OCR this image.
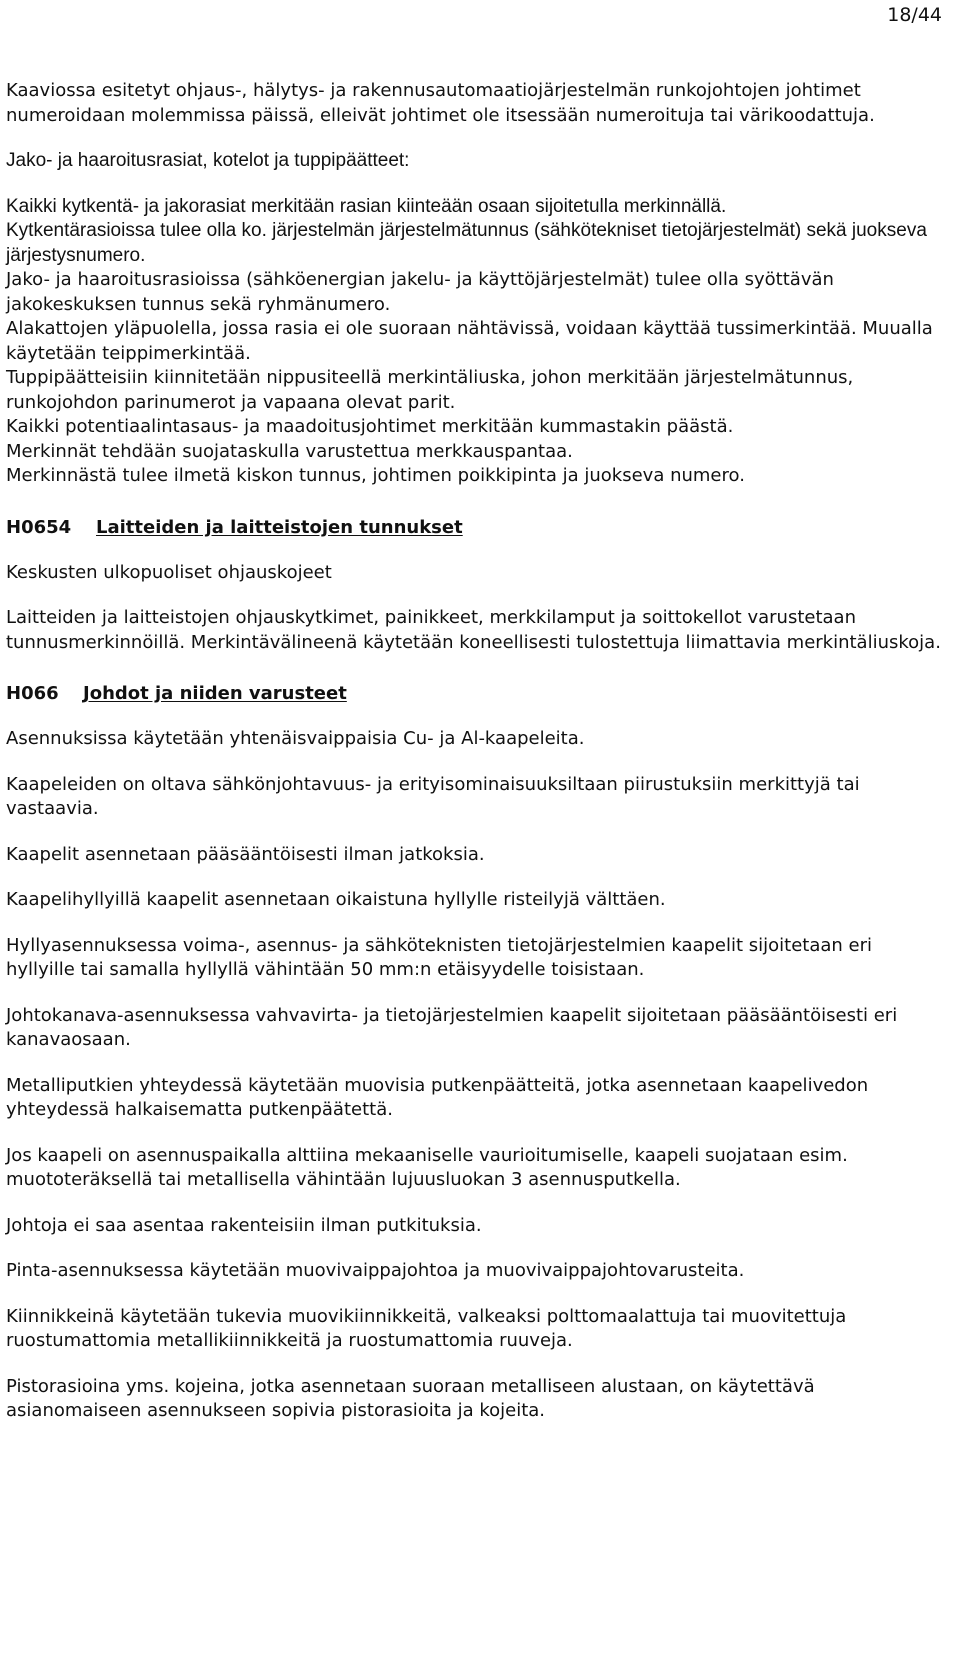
18/44

Kaaviossa esitetyt ohjaus-, hälytys- ja rakennusautomaatiojärjestelmän runkojohtojen johtimet numeroidaan molemmissa päissä, elleivät johtimet ole itsessään numeroituja tai värikoodattuja.

Jako- ja haaroitusrasiat, kotelot ja tuppipäätteet:

Kaikki kytkentä- ja jakorasiat merkitään rasian kiinteään osaan sijoitetulla merkinnällä.

Kytkentärasioissa tulee olla ko. järjestelmän järjestelmätunnus (sähkötekniset tietojärjestelmät) sekä juokseva järjestysnumero.

Jako- ja haaroitusrasioissa (sähköenergian jakelu- ja käyttöjärjestelmät) tulee olla syöttävän jakokeskuksen tunnus sekä ryhmänumero.

Alakattojen yläpuolella, jossa rasia ei ole suoraan nähtävissä, voidaan käyttää tussimerkintää. Muualla käytetään teippimerkintää.

Tuppipäätteisiin kiinnitetään nippusiteellä merkintäliuska, johon merkitään järjestelmätunnus, runkojohdon parinumerot ja vapaana olevat parit.

Kaikki potentiaalintasaus- ja maadoitusjohtimet merkitään kummastakin päästä.

Merkinnät tehdään suojataskulla varustettua merkkauspantaa.

Merkinnästä tulee ilmetä kiskon tunnus, johtimen poikkipinta ja juokseva numero.

H0654	Laitteiden ja laitteistojen tunnukset

Keskusten ulkopuoliset ohjauskojeet

Laitteiden ja laitteistojen ohjauskytkimet, painikkeet, merkkilamput ja soittokellot varustetaan tunnusmerkinnöillä. Merkintävälineenä käytetään koneellisesti tulostettuja liimattavia merkintäliuskoja.

H066	Johdot ja niiden varusteet

Asennuksissa käytetään yhtenäisvaippaisia Cu- ja Al-kaapeleita.

Kaapeleiden on oltava sähkönjohtavuus- ja erityisominaisuuksiltaan piirustuksiin merkittyjä tai vastaavia.

Kaapelit asennetaan pääsääntöisesti ilman jatkoksia.

Kaapelihyllyillä kaapelit asennetaan oikaistuna hyllylle risteilyjä välttäen.

Hyllyasennuksessa voima-, asennus- ja sähköteknisten tietojärjestelmien kaapelit sijoitetaan eri hyllyille tai samalla hyllyllä vähintään 50 mm:n etäisyydelle toisistaan.

Johtokanava-asennuksessa vahvavirta- ja tietojärjestelmien kaapelit sijoitetaan pääsääntöisesti eri kanavaosaan.

Metalliputkien yhteydessä käytetään muovisia putkenpäätteitä, jotka asennetaan kaapelivedon yhteydessä halkaisematta putkenpäätettä.

Jos kaapeli on asennuspaikalla alttiina mekaaniselle vaurioitumiselle, kaapeli suojataan esim. muototeräksellä tai metallisella vähintään lujuusluokan 3 asennusputkella.

Johtoja ei saa asentaa rakenteisiin ilman putkituksia.

Pinta-asennuksessa käytetään muovivaippajohtoa ja muovivaippajohtovarusteita.

Kiinnikkeinä käytetään tukevia muovikiinnikkeitä, valkeaksi polttomaalattuja tai muovitettuja ruostumattomia metallikiinnikkeitä ja ruostumattomia ruuveja.

Pistorasioina yms. kojeina, jotka asennetaan suoraan metalliseen alustaan, on käytettävä asianomaiseen asennukseen sopivia pistorasioita ja kojeita.
